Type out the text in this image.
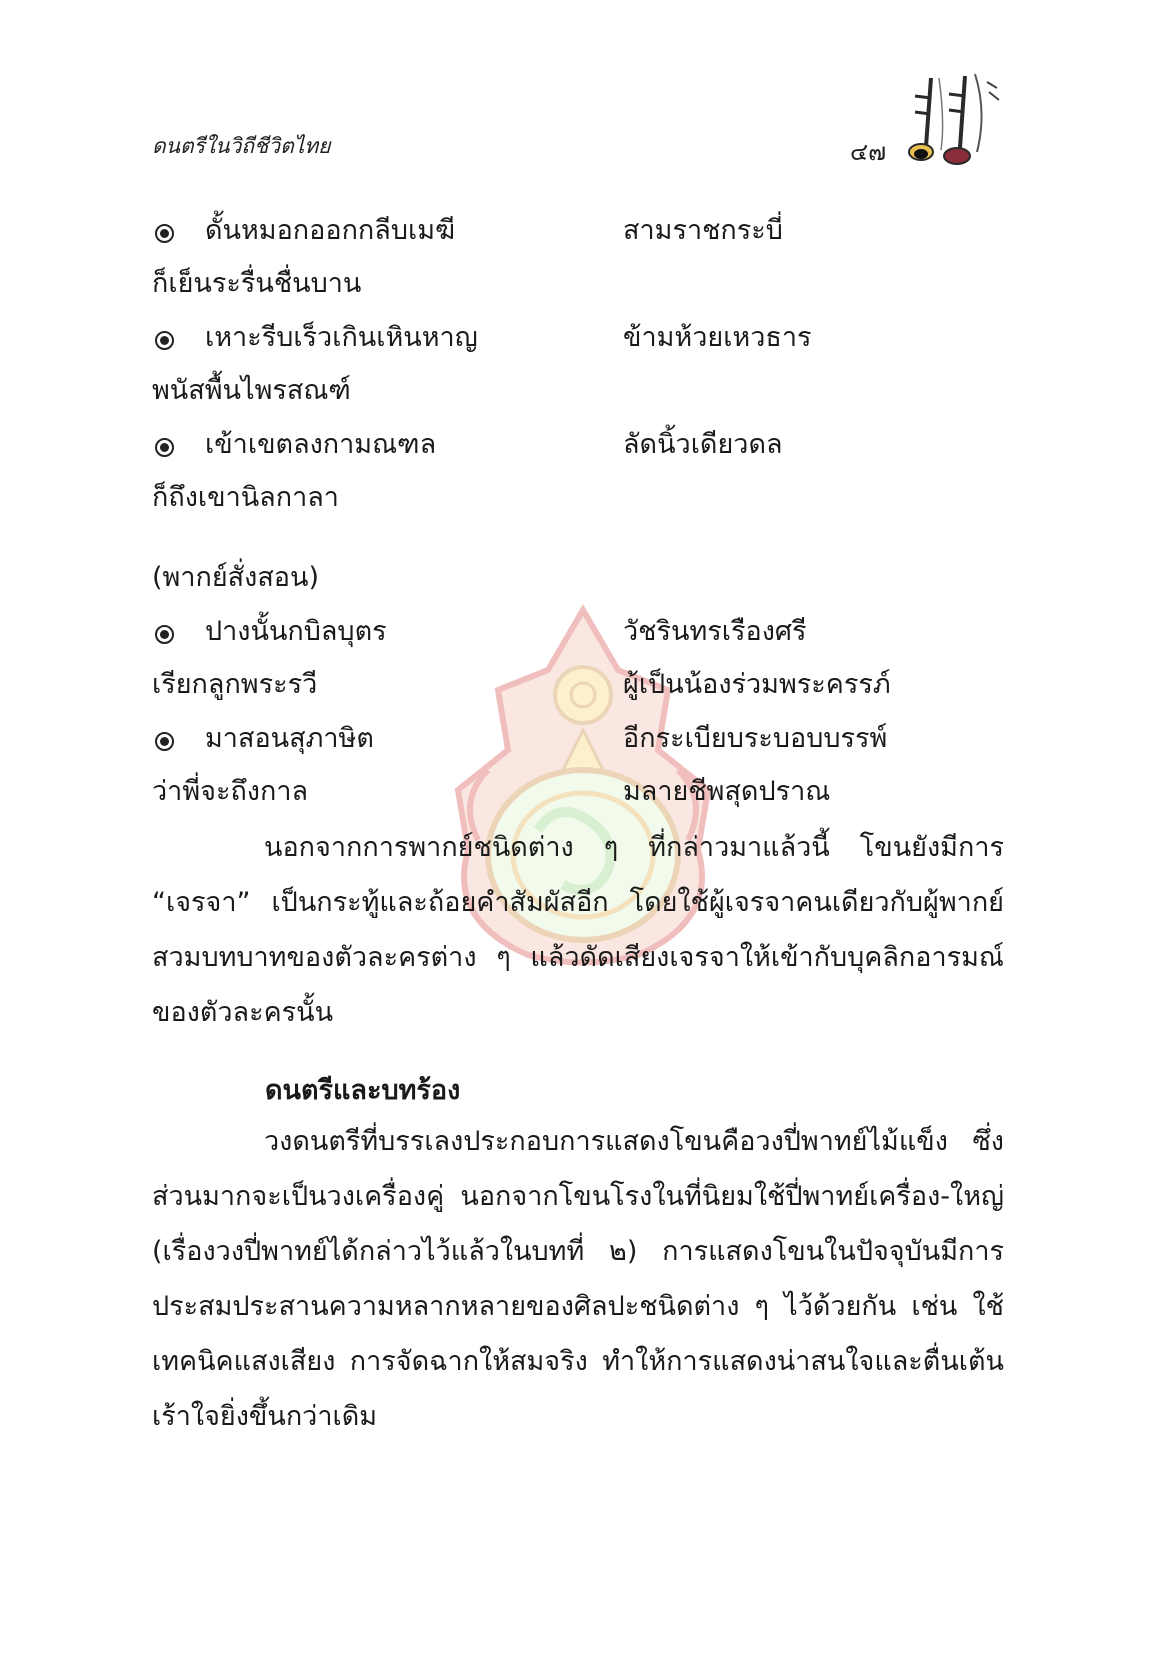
ดนตรีในวิถีชีวิตไทย	๔๗
ดั้นหมอกออกกลีบเมฆี	สามราชกระบี่
ก็เย็นระรื่นชื่นบาน
เหาะรีบเร็วเกินเหินหาญ	ข้ามห้วยเหวธาร
พนัสพื้นไพรสณฑ์
เข้าเขตลงกามณฑล	ลัดนิ้วเดียวดล
ก็ถึงเขานิลกาลา
(พากย์สั่งสอน)
ปางนั้นกบิลบุตร	วัชรินทรเรืองศรี
เรียกลูกพระรวี	ผู้เป็นน้องร่วมพระครรภ์
มาสอนสุภาษิต	อีกระเบียบระบอบบรรพ์
ว่าพี่จะถึงกาล	มลายชีพสุดปราณ
นอกจากการพากย์ชนิดต่าง ๆ ที่กล่าวมาแล้วนี้ โขนยังมีการ “เจรจา” เป็นกระทู้และถ้อยคำสัมผัสอีก โดยใช้ผู้เจรจาคนเดียวกับผู้พากย์สวมบทบาทของตัวละครต่าง ๆ แล้วดัดเสียงเจรจาให้เข้ากับบุคลิกอารมณ์ของตัวละครนั้น
ดนตรีและบทร้อง
วงดนตรีที่บรรเลงประกอบการแสดงโขนคือวงปี่พาทย์ไม้แข็ง ซึ่งส่วนมากจะเป็นวงเครื่องคู่ นอกจากโขนโรงในที่นิยมใช้ปี่พาทย์เครื่อง-ใหญ่ (เรื่องวงปี่พาทย์ได้กล่าวไว้แล้วในบทที่ ๒) การแสดงโขนในปัจจุบันมีการประสมประสานความหลากหลายของศิลปะชนิดต่าง ๆ ไว้ด้วยกัน เช่น ใช้เทคนิคแสงเสียง การจัดฉากให้สมจริง ทำให้การแสดงน่าสนใจและตื่นเต้นเร้าใจยิ่งขึ้นกว่าเดิม
